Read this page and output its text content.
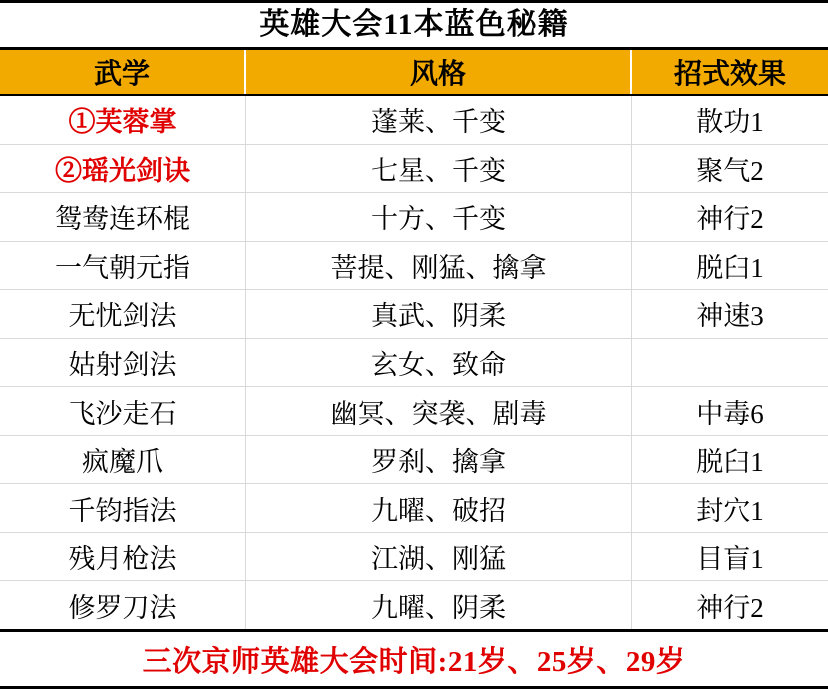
英雄大会11本蓝色秘籍
武学	风格	招式效果
①芙蓉掌	蓬莱、千变	散功1
②瑶光剑诀	七星、千变	聚气2
鸳鸯连环棍	十方、千变	神行2
一气朝元指	菩提、刚猛、擒拿	脱臼1
无忧剑法	真武、阴柔	神速3
姑射剑法	玄女、致命
飞沙走石	幽冥、突袭、剧毒	中毒6
疯魔爪	罗刹、擒拿	脱臼1
千钧指法	九曜、破招	封穴1
残月枪法	江湖、刚猛	目盲1
修罗刀法	九曜、阴柔	神行2
三次京师英雄大会时间:21岁、25岁、29岁
